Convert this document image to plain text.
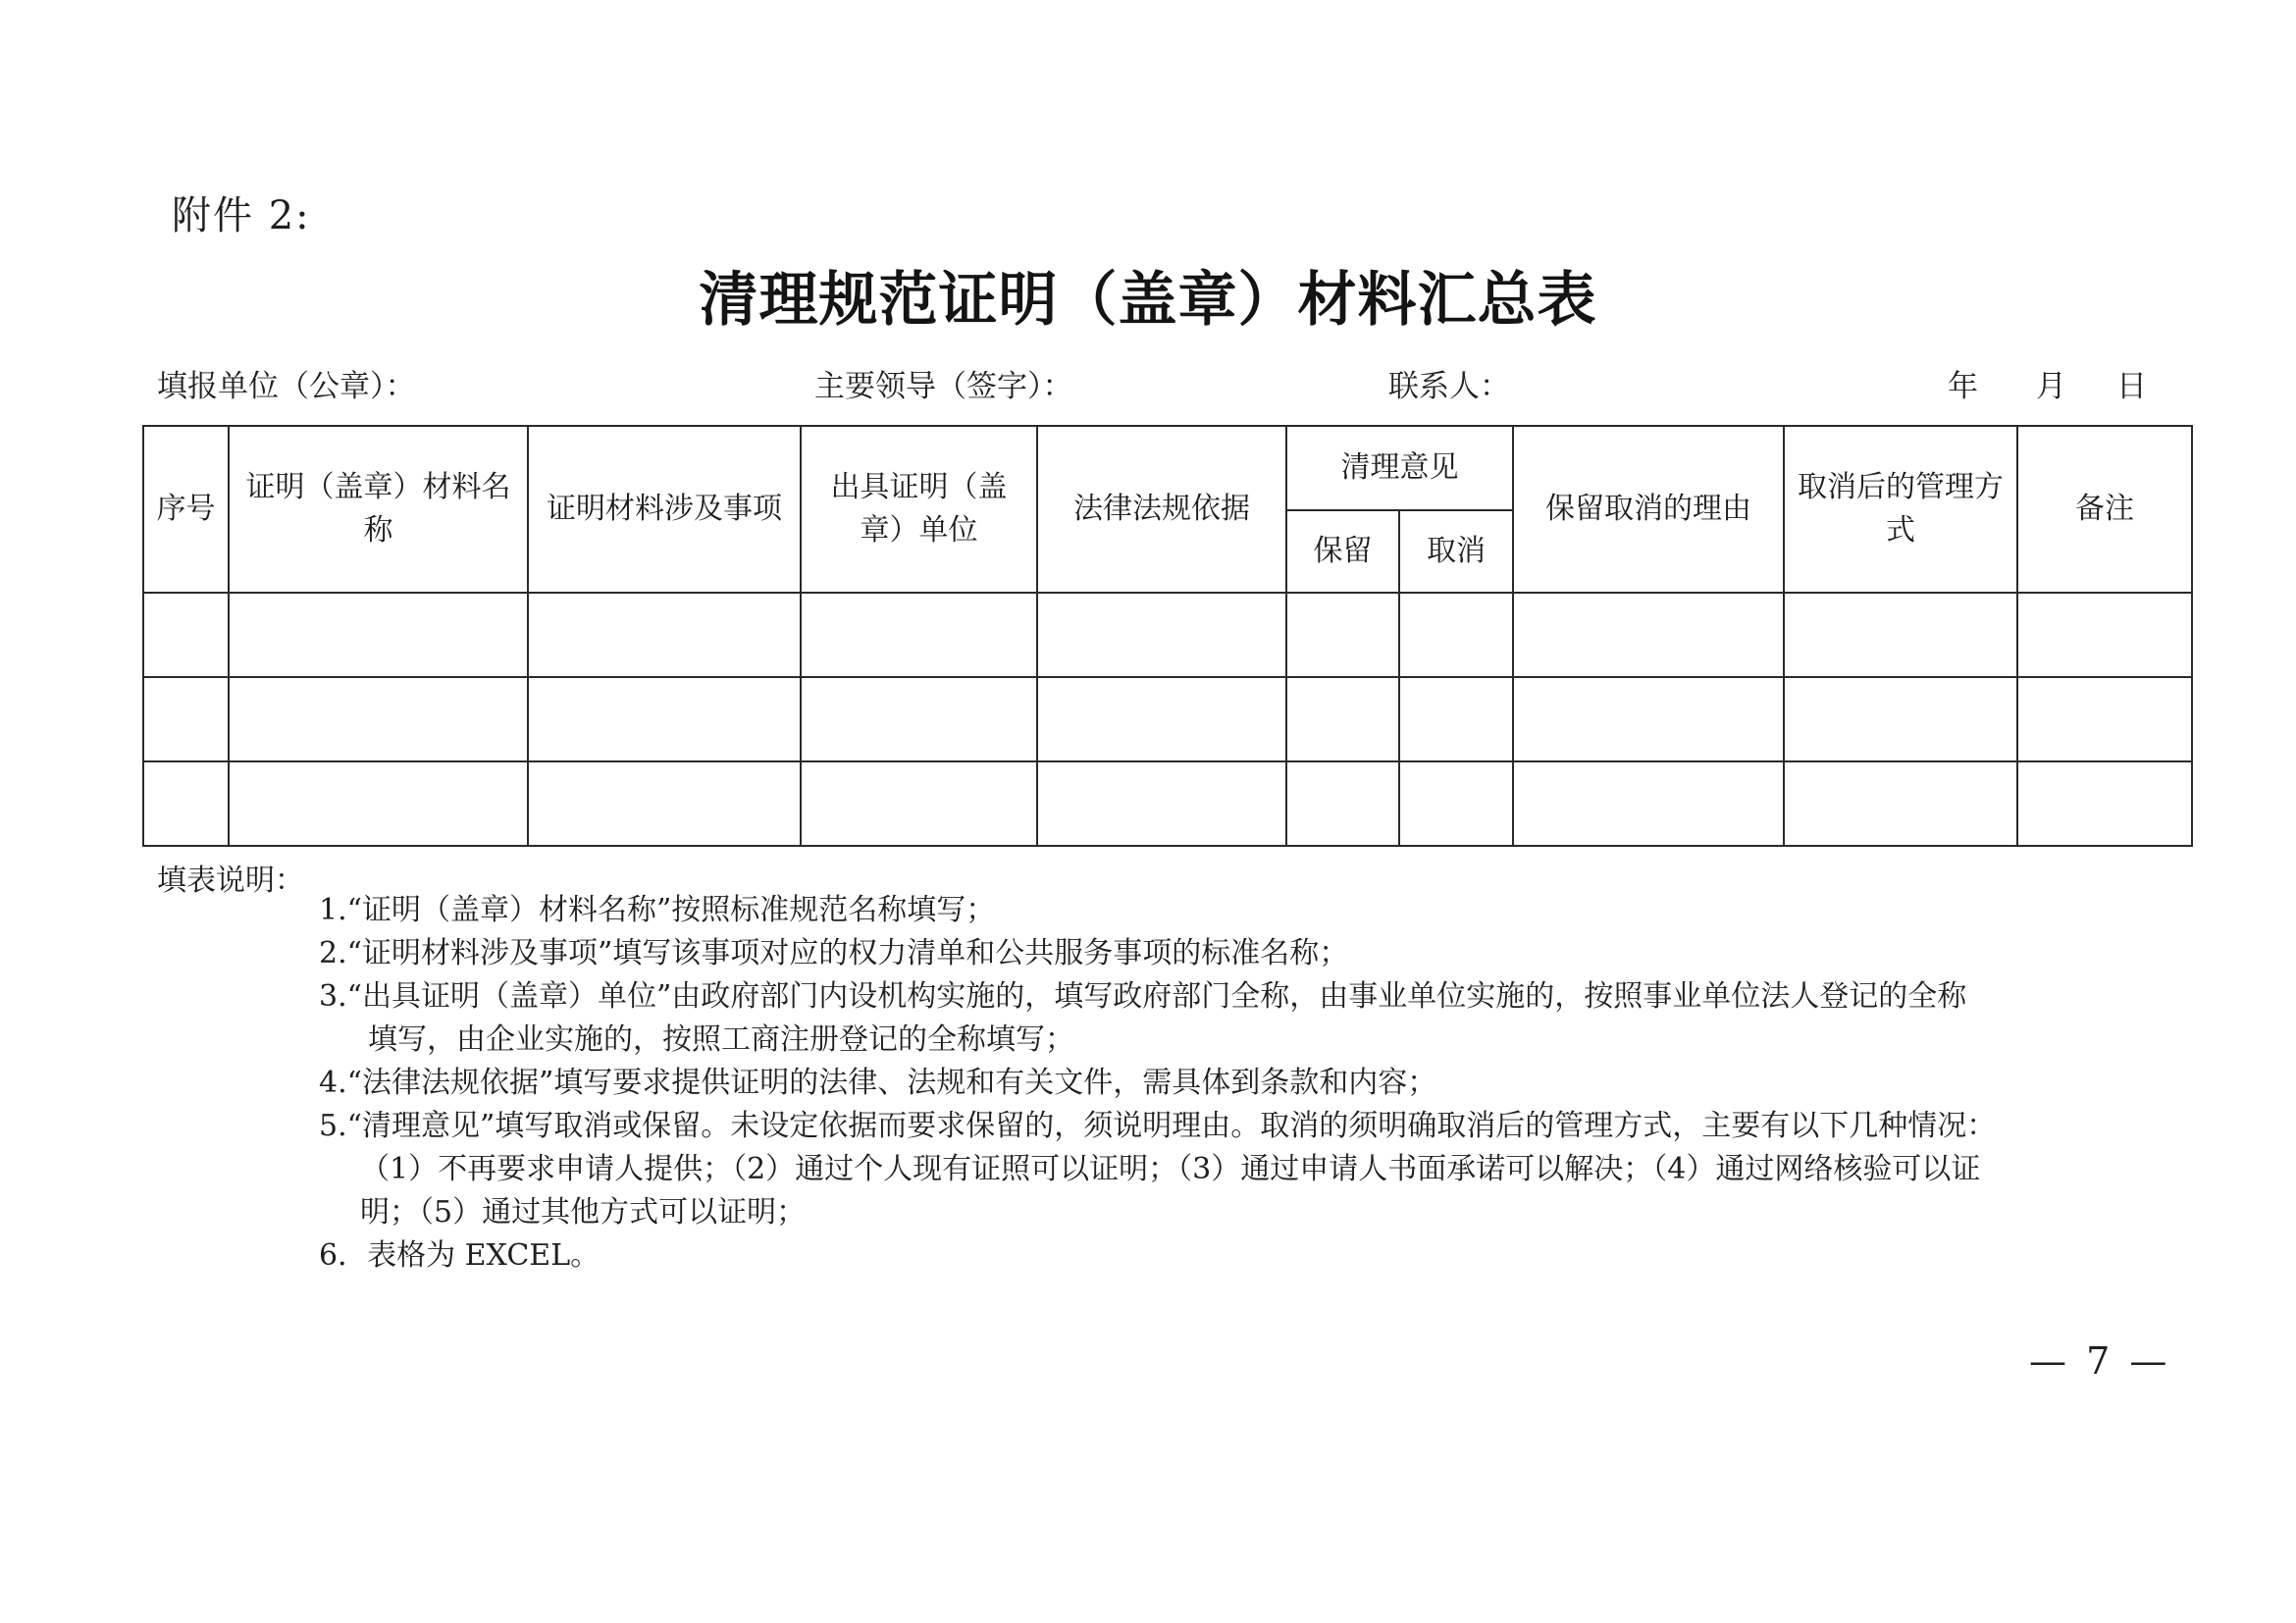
附件 2:
清理规范证明（盖章）材料汇总表
填报单位（公章）：	主要领导（签字）：	联系人：	年 月 日
序号	证明（盖章）材料名称	证明材料涉及事项	出具证明（盖章）单位	法律法规依据	清理意见		保留取消的理由	取消后的管理方式	备注
					保留	取消			

填表说明：
1.“证明（盖章）材料名称”按照标准规范名称填写；
2.“证明材料涉及事项”填写该事项对应的权力清单和公共服务事项的标准名称；
3.“出具证明（盖章）单位”由政府部门内设机构实施的，填写政府部门全称，由事业单位实施的，按照事业单位法人登记的全称
填写，由企业实施的，按照工商注册登记的全称填写；
4.“法律法规依据”填写要求提供证明的法律、法规和有关文件，需具体到条款和内容；
5.“清理意见”填写取消或保留。未设定依据而要求保留的，须说明理由。取消的须明确取消后的管理方式，主要有以下几种情况：
（1）不再要求申请人提供；（2）通过个人现有证照可以证明；（3）通过申请人书面承诺可以解决；（4）通过网络核验可以证
明；（5）通过其他方式可以证明；
6．表格为 EXCEL。
— 7 —
